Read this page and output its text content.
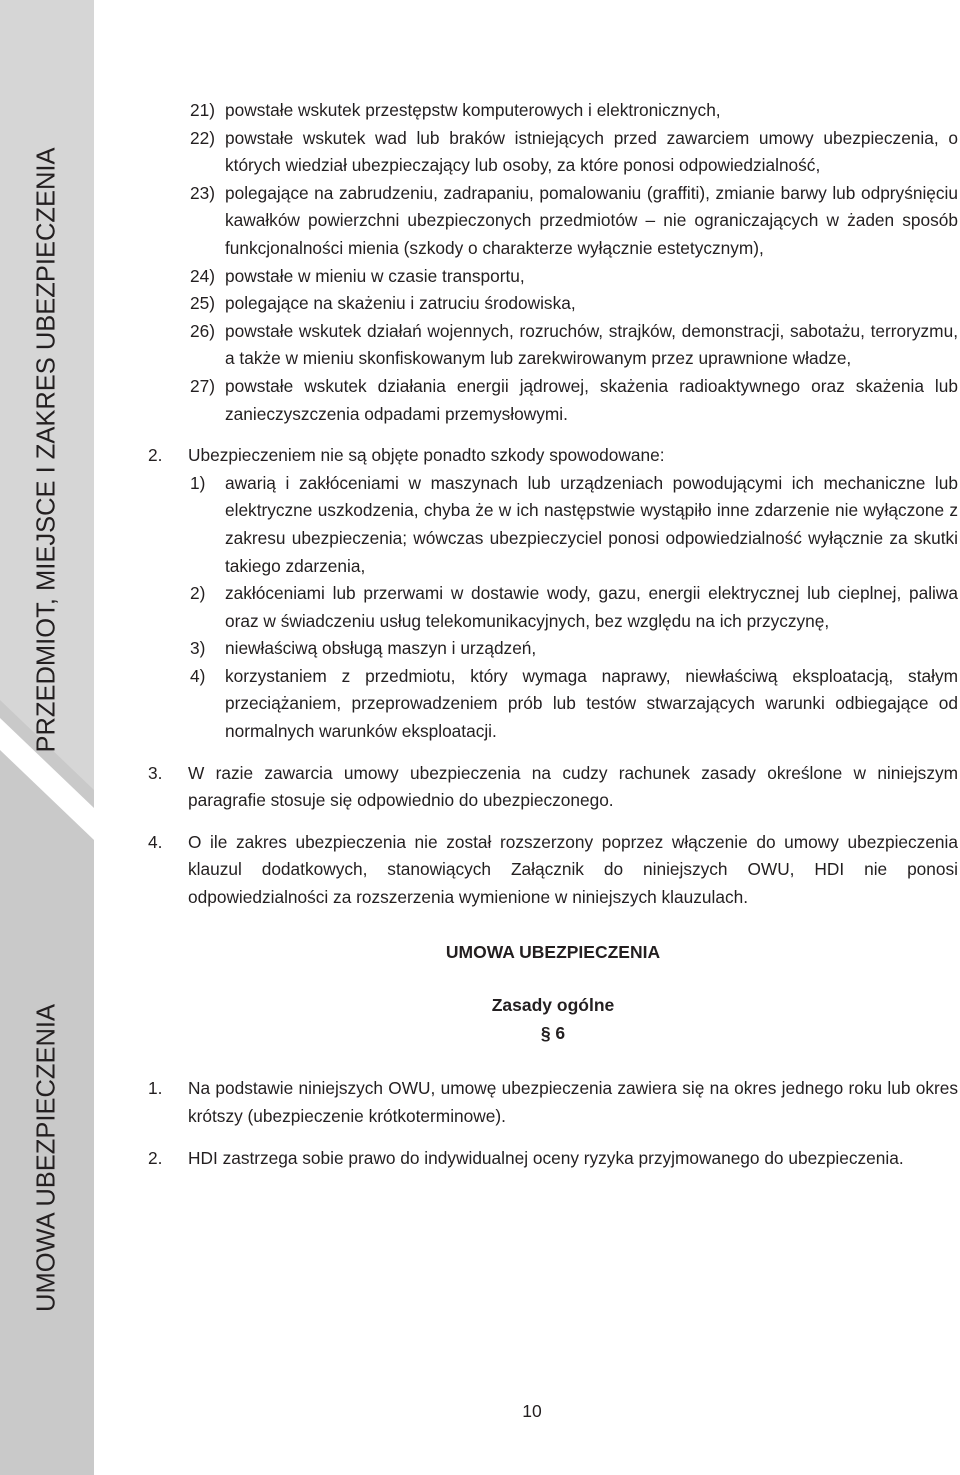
PRZEDMIOT, MIEJSCE I ZAKRES UBEZPIECZENIA
UMOWA UBEZPIECZENIA
21) powstałe wskutek przestępstw komputerowych i elektronicznych,
22) powstałe wskutek wad lub braków istniejących przed zawarciem umowy ubezpieczenia, o których wiedział ubezpieczający lub osoby, za które ponosi odpowiedzialność,
23) polegające na zabrudzeniu, zadrapaniu, pomalowaniu (graffiti), zmianie barwy lub odpryśnięciu kawałków powierzchni ubezpieczonych przedmiotów – nie ograniczających w żaden sposób funkcjonalności mienia (szkody o charakterze wyłącznie estetycznym),
24) powstałe w mieniu w czasie transportu,
25) polegające na skażeniu i zatruciu środowiska,
26) powstałe wskutek działań wojennych, rozruchów, strajków, demonstracji, sabotażu, terroryzmu, a także w mieniu skonfiskowanym lub zarekwirowanym przez uprawnione władze,
27) powstałe wskutek działania energii jądrowej, skażenia radioaktywnego oraz skażenia lub zanieczyszczenia odpadami przemysłowymi.
2.	Ubezpieczeniem nie są objęte ponadto szkody spowodowane:
1)	awarią i zakłóceniami w maszynach lub urządzeniach powodującymi ich mechaniczne lub elektryczne uszkodzenia, chyba że w ich następstwie wystąpiło inne zdarzenie nie wyłączone z zakresu ubezpieczenia; wówczas ubezpieczyciel ponosi odpowiedzialność wyłącznie za skutki takiego zdarzenia,
2)	zakłóceniami lub przerwami w dostawie wody, gazu, energii elektrycznej lub cieplnej, paliwa oraz w świadczeniu usług telekomunikacyjnych, bez względu na ich przyczynę,
3)	niewłaściwą obsługą maszyn i urządzeń,
4)	korzystaniem z przedmiotu, który wymaga naprawy, niewłaściwą eksploatacją, stałym przeciążaniem, przeprowadzeniem prób lub testów stwarzających warunki odbiegające od normalnych warunków eksploatacji.
3.	W razie zawarcia umowy ubezpieczenia na cudzy rachunek zasady określone w niniejszym paragrafie stosuje się odpowiednio do ubezpieczonego.
4.	O ile zakres ubezpieczenia nie został rozszerzony poprzez włączenie do umowy ubezpieczenia klauzul dodatkowych, stanowiących Załącznik do niniejszych OWU, HDI nie ponosi odpowiedzialności za rozszerzenia wymienione w niniejszych klauzulach.
UMOWA UBEZPIECZENIA
Zasady ogólne
§ 6
1.	Na podstawie niniejszych OWU, umowę ubezpieczenia zawiera się na okres jednego roku lub okres krótszy (ubezpieczenie krótkoterminowe).
2.	HDI zastrzega sobie prawo do indywidualnej oceny ryzyka przyjmowanego do ubezpieczenia.
10
